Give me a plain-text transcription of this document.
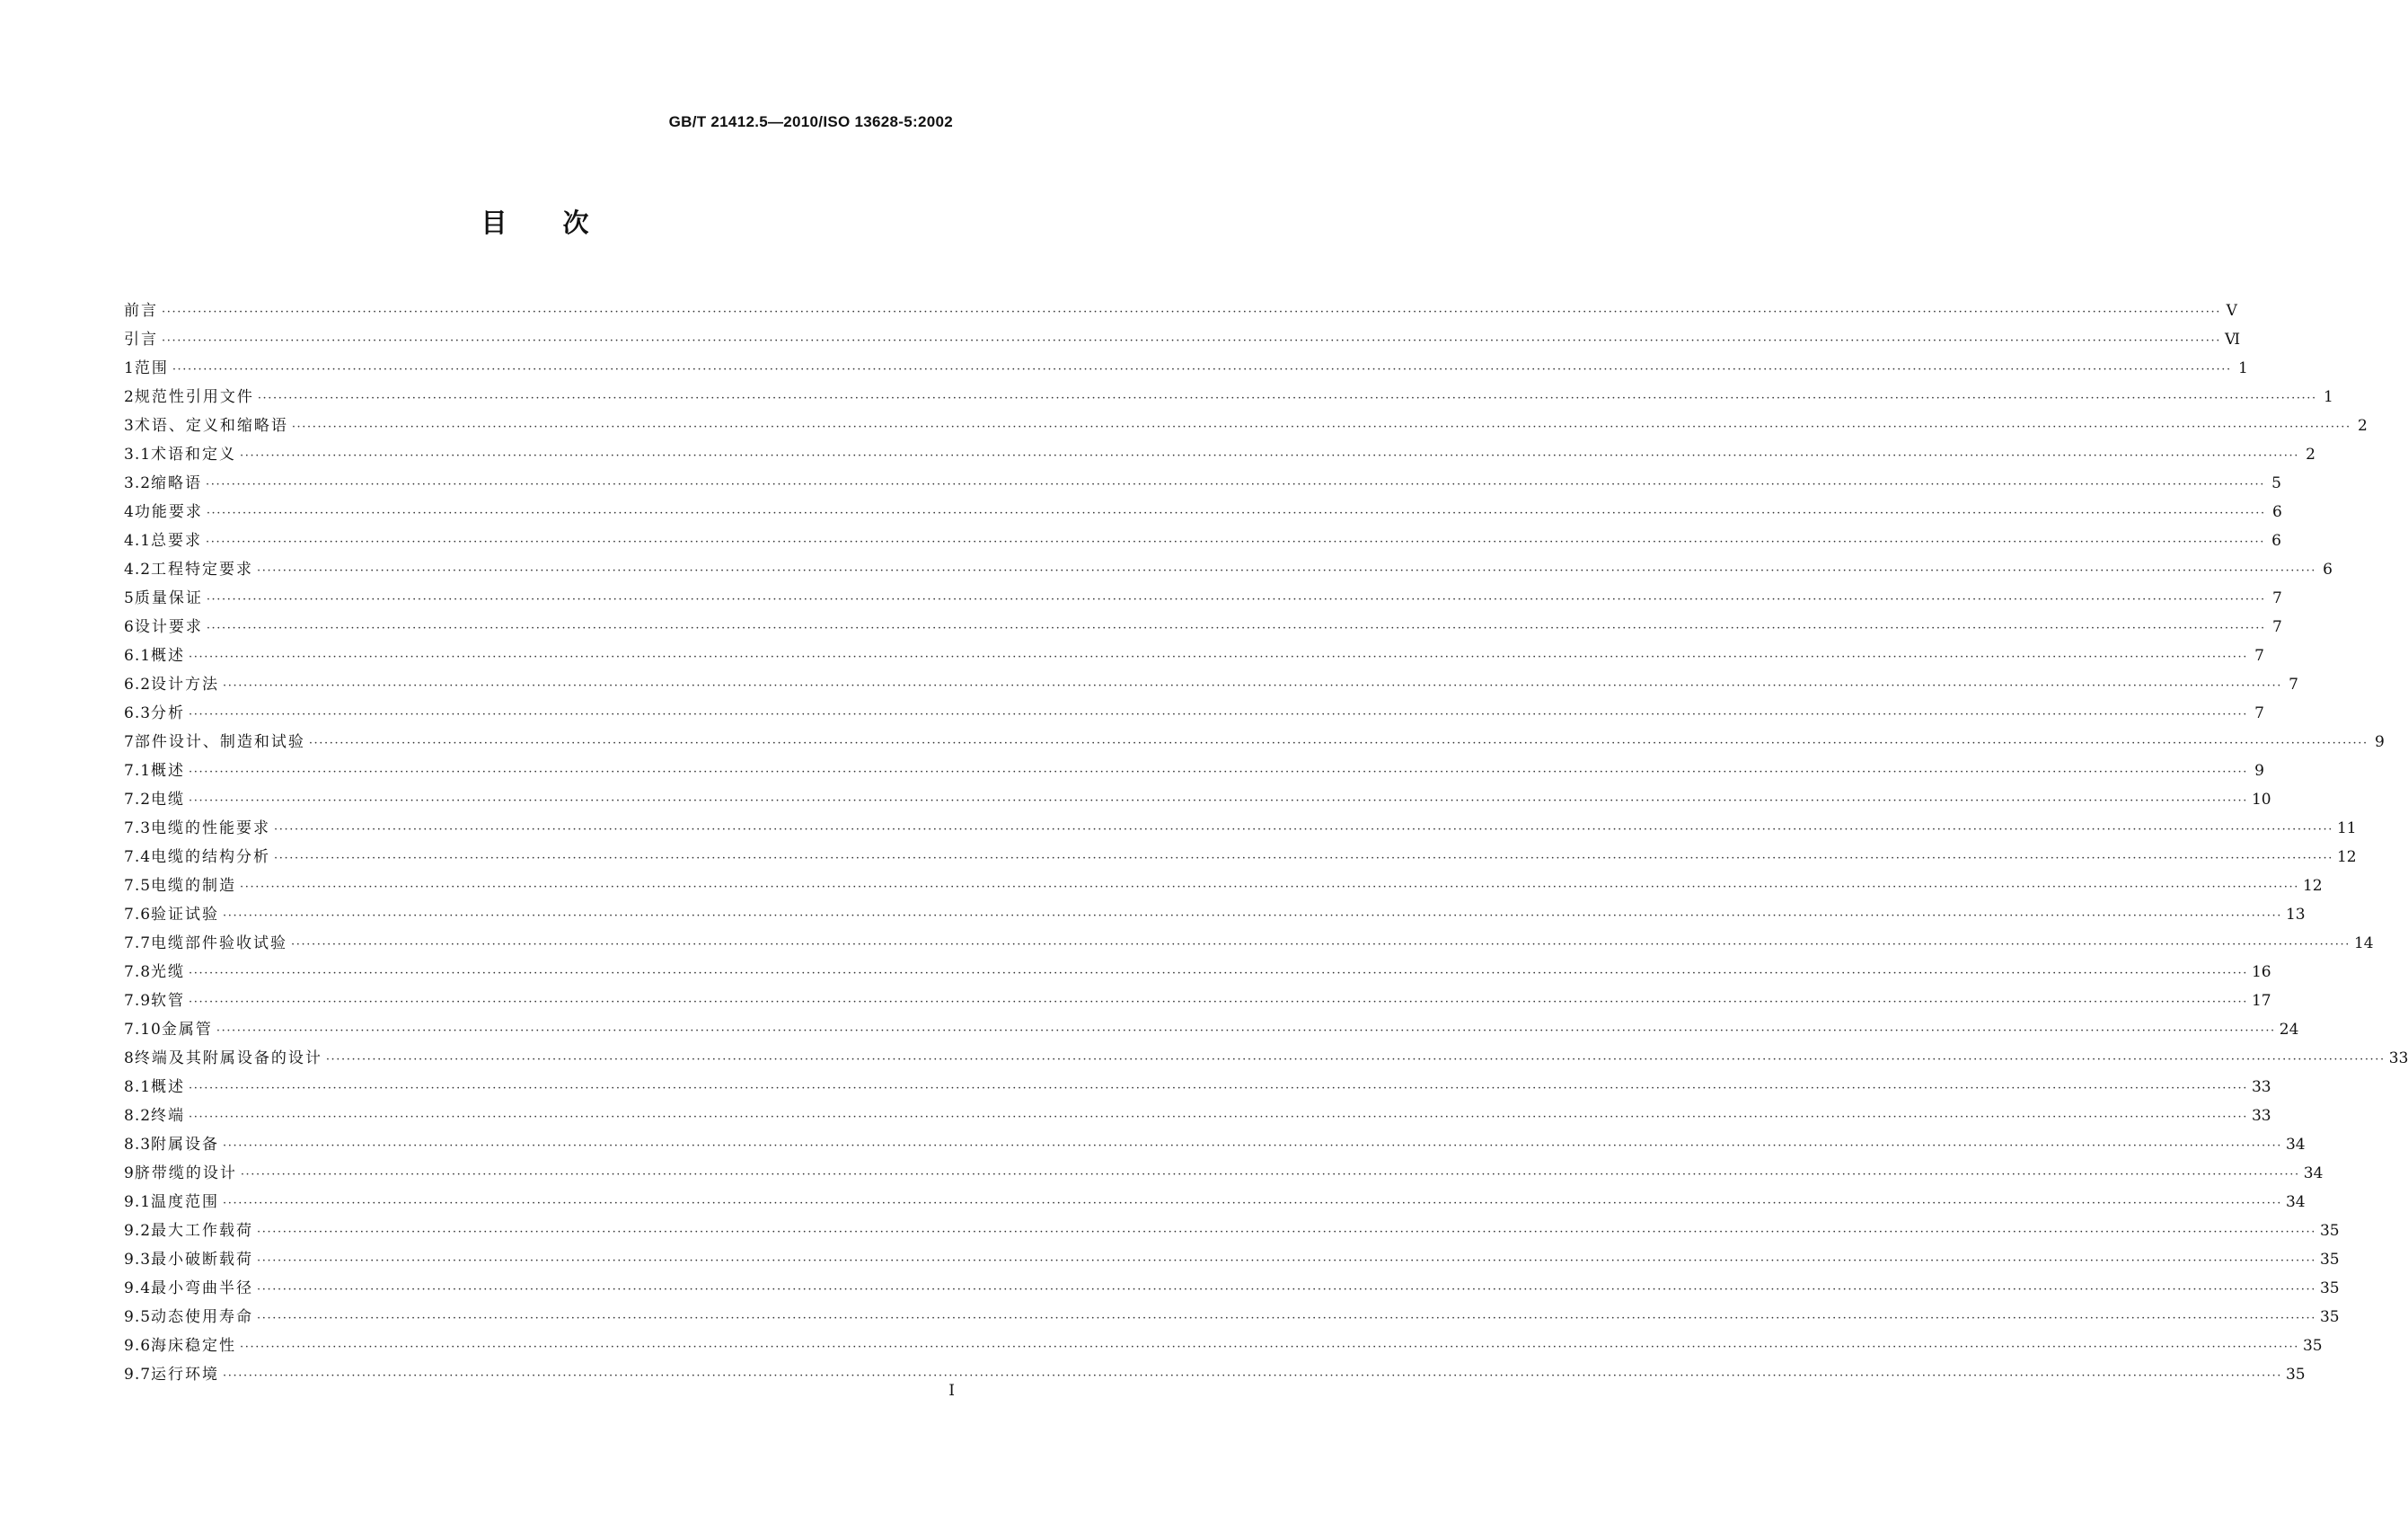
GB/T 21412.5—2010/ISO 13628-5:2002
目次
前言 ················································································································································································································································································································································································································ Ⅴ
引言 ················································································································································································································································································································································································································ Ⅵ
1 范围 ················································································································································································································································································································································································································ 1
2 规范性引用文件 ················································································································································································································································································································································································································ 1
3 术语、定义和缩略语 ················································································································································································································································································································································································································ 2
3.1 术语和定义 ················································································································································································································································································································································································································ 2
3.2 缩略语 ················································································································································································································································································································································································································ 5
4 功能要求 ················································································································································································································································································································································································································ 6
4.1 总要求 ················································································································································································································································································································································································································ 6
4.2 工程特定要求 ················································································································································································································································································································································································································ 6
5 质量保证 ················································································································································································································································································································································································································ 7
6 设计要求 ················································································································································································································································································································································································································ 7
6.1 概述 ················································································································································································································································································································································································································ 7
6.2 设计方法 ················································································································································································································································································································································································································ 7
6.3 分析 ················································································································································································································································································································································································································ 7
7 部件设计、制造和试验 ················································································································································································································································································································································································································ 9
7.1 概述 ················································································································································································································································································································································································································ 9
7.2 电缆 ················································································································································································································································································································································································································ 10
7.3 电缆的性能要求 ················································································································································································································································································································································································································ 11
7.4 电缆的结构分析 ················································································································································································································································································································································································································ 12
7.5 电缆的制造 ················································································································································································································································································································································································································ 12
7.6 验证试验 ················································································································································································································································································································································································································ 13
7.7 电缆部件验收试验 ················································································································································································································································································································································································································ 14
7.8 光缆 ················································································································································································································································································································································································································ 16
7.9 软管 ················································································································································································································································································································································································································ 17
7.10 金属管 ················································································································································································································································································································································································································ 24
8 终端及其附属设备的设计 ················································································································································································································································································································································································································ 33
8.1 概述 ················································································································································································································································································································································································································ 33
8.2 终端 ················································································································································································································································································································································································································ 33
8.3 附属设备 ················································································································································································································································································································································································································ 34
9 脐带缆的设计 ················································································································································································································································································································································································································ 34
9.1 温度范围 ················································································································································································································································································································································································································ 34
9.2 最大工作载荷 ················································································································································································································································································································································································································ 35
9.3 最小破断载荷 ················································································································································································································································································································································································································ 35
9.4 最小弯曲半径 ················································································································································································································································································································································································································ 35
9.5 动态使用寿命 ················································································································································································································································································································································································································ 35
9.6 海床稳定性 ················································································································································································································································································································································································································ 35
9.7 运行环境 ················································································································································································································································································································································································································ 35
Ⅰ
